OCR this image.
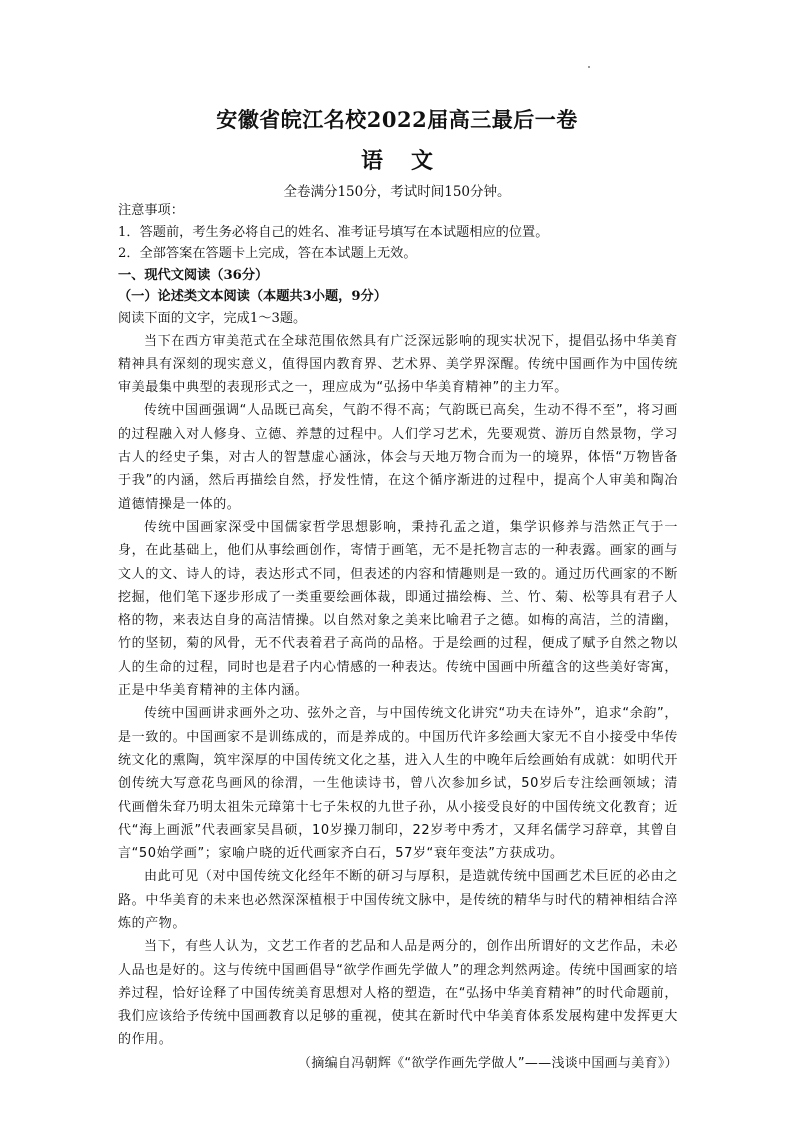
安徽省皖江名校2022届高三最后一卷
语文
全卷满分150分，考试时间150分钟。

注意事项：

1．答题前，考生务必将自己的姓名、准考证号填写在本试题相应的位置。

2．全部答案在答题卡上完成，答在本试题上无效。

一、现代文阅读（36分）

（一）论述类文本阅读（本题共3小题，9分）

阅读下面的文字，完成1～3题。

当下在西方审美范式在全球范围依然具有广泛深远影响的现实状况下，提倡弘扬中华美育精神具有深刻的现实意义，值得国内教育界、艺术界、美学界深醒。传统中国画作为中国传统审美最集中典型的表现形式之一，理应成为“弘扬中华美育精神”的主力军。

传统中国画强调“人品既已高矣，气韵不得不高；气韵既已高矣，生动不得不至”，将习画的过程融入对人修身、立德、养慧的过程中。人们学习艺术，先要观赏、游历自然景物，学习古人的经史子集，对古人的智慧虚心涵泳，体会与天地万物合而为一的境界，体悟“万物皆备于我”的内涵，然后再描绘自然，抒发性情，在这个循序渐进的过程中，提高个人审美和陶冶道德情操是一体的。

传统中国画家深受中国儒家哲学思想影响，秉持孔孟之道，集学识修养与浩然正气于一身，在此基础上，他们从事绘画创作，寄情于画笔，无不是托物言志的一种表露。画家的画与文人的文、诗人的诗，表达形式不同，但表述的内容和情趣则是一致的。通过历代画家的不断挖掘，他们笔下逐步形成了一类重要绘画体裁，即通过描绘梅、兰、竹、菊、松等具有君子人格的物，来表达自身的高洁情操。以自然对象之美来比喻君子之德。如梅的高洁，兰的清幽，竹的坚韧，菊的风骨，无不代表着君子高尚的品格。于是绘画的过程，便成了赋予自然之物以人的生命的过程，同时也是君子内心情感的一种表达。传统中国画中所蕴含的这些美好寄寓，正是中华美育精神的主体内涵。

传统中国画讲求画外之功、弦外之音，与中国传统文化讲究“功夫在诗外”，追求“余韵”，是一致的。中国画家不是训练成的，而是养成的。中国历代许多绘画大家无不自小接受中华传统文化的熏陶，筑牢深厚的中国传统文化之基，进入人生的中晚年后绘画始有成就：如明代开创传统大写意花鸟画风的徐渭，一生他读诗书，曾八次参加乡试，50岁后专注绘画领域；清代画僧朱耷乃明太祖朱元璋第十七子朱权的九世子孙，从小接受良好的中国传统文化教育；近代“海上画派”代表画家吴昌硕，10岁操刀制印，22岁考中秀才，又拜名儒学习辞章，其曾自言“50始学画”；家喻户晓的近代画家齐白石，57岁“衰年变法”方获成功。

由此可见（对中国传统文化经年不断的研习与厚积，是造就传统中国画艺术巨匠的必由之路。中华美育的未来也必然深深植根于中国传统文脉中，是传统的精华与时代的精神相结合淬炼的产物。

当下，有些人认为，文艺工作者的艺品和人品是两分的，创作出所谓好的文艺作品，未必人品也是好的。这与传统中国画倡导“欲学作画先学做人”的理念判然两途。传统中国画家的培养过程，恰好诠释了中国传统美育思想对人格的塑造，在“弘扬中华美育精神”的时代命题前，我们应该给予传统中国画教育以足够的重视，使其在新时代中华美育体系发展构建中发挥更大的作用。

（摘编自冯朝辉《“欲学作画先学做人”——浅谈中国画与美育》）
